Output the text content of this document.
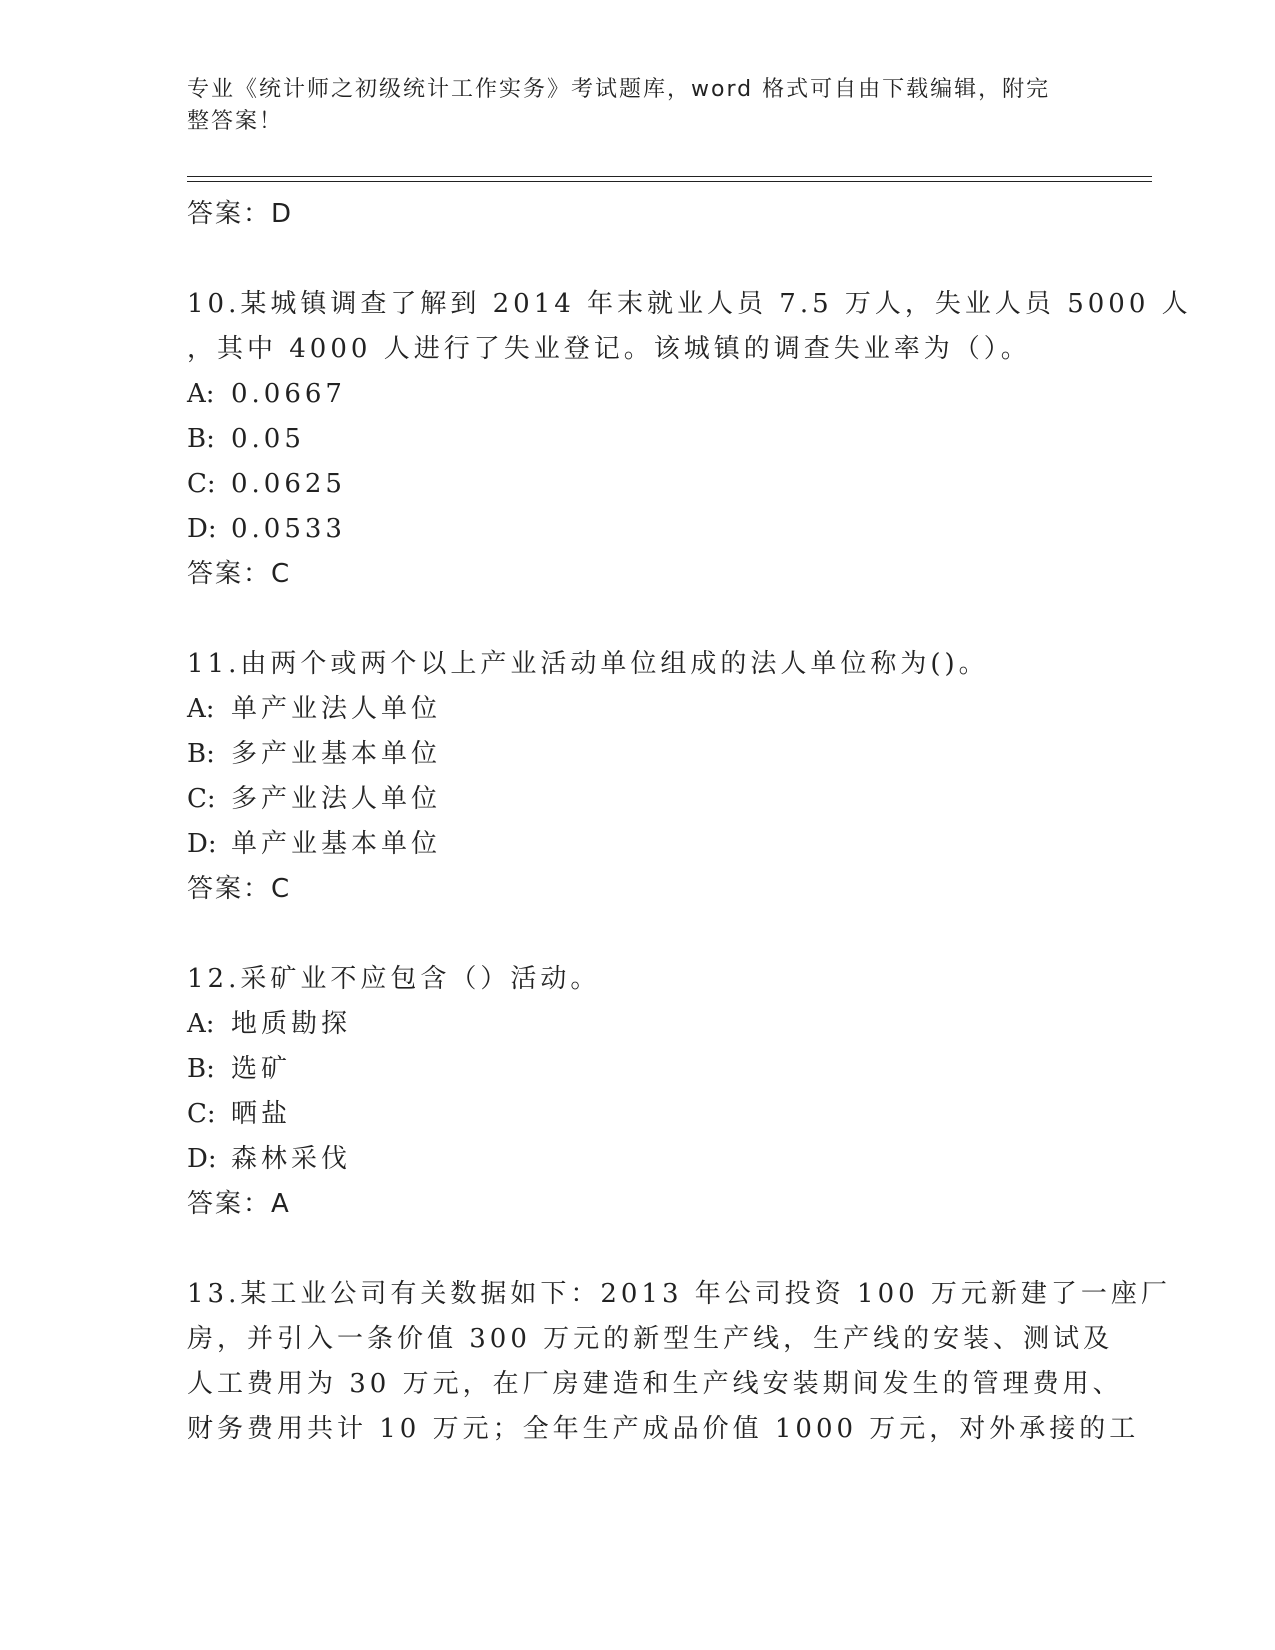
专业《统计师之初级统计工作实务》考试题库，word 格式可自由下载编辑，附完
整答案！
答案：D
10.某城镇调查了解到 2014 年末就业人员 7.5 万人，失业人员 5000 人
，其中 4000 人进行了失业登记。该城镇的调查失业率为（）。
A: 0.0667
B: 0.05
C: 0.0625
D: 0.0533
答案：C
11.由两个或两个以上产业活动单位组成的法人单位称为()。
A: 单产业法人单位
B: 多产业基本单位
C: 多产业法人单位
D: 单产业基本单位
答案：C
12.采矿业不应包含（）活动。
A: 地质勘探
B: 选矿
C: 晒盐
D: 森林采伐
答案：A
13.某工业公司有关数据如下：2013 年公司投资 100 万元新建了一座厂
房，并引入一条价值 300 万元的新型生产线，生产线的安装、测试及
人工费用为 30 万元，在厂房建造和生产线安装期间发生的管理费用、
财务费用共计 10 万元；全年生产成品价值 1000 万元，对外承接的工
